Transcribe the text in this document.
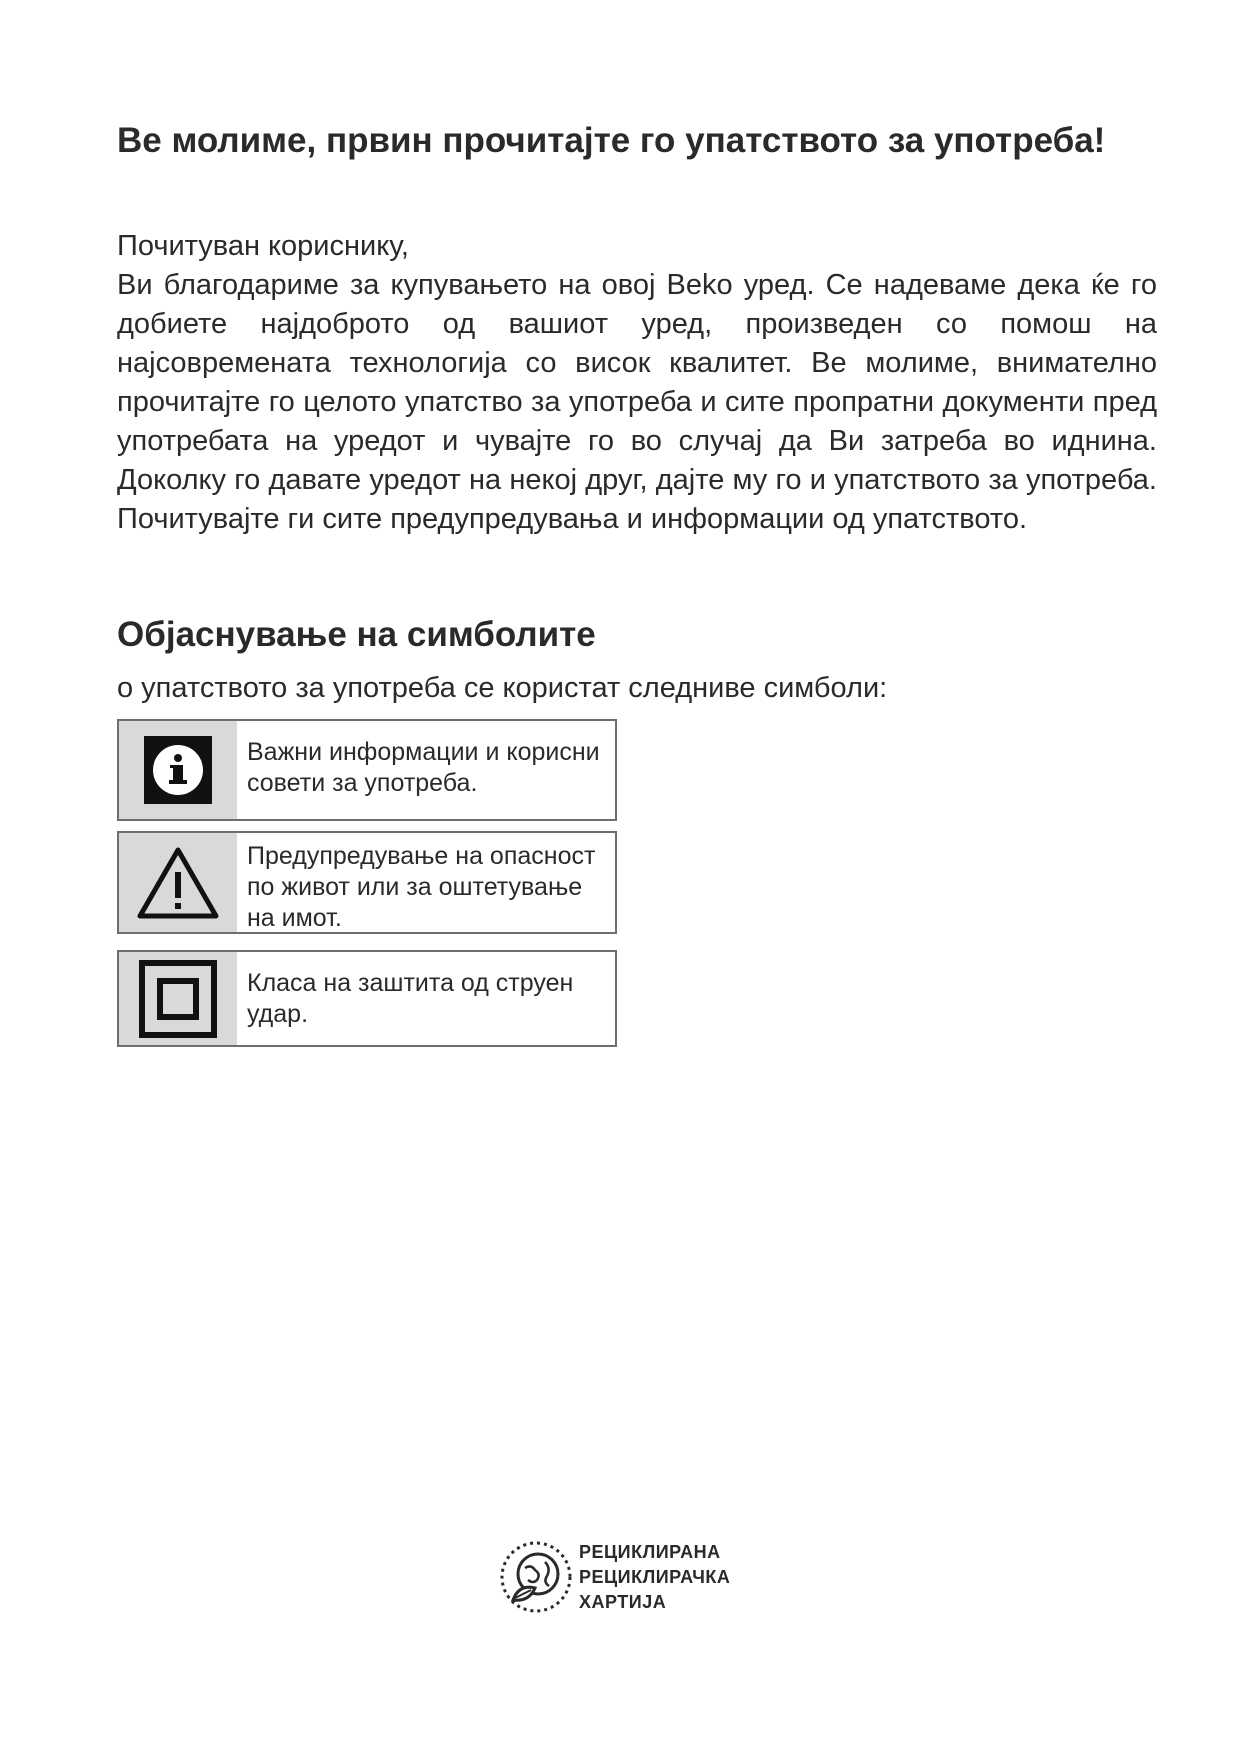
Ве молиме, првин прочитајте го упатството за употреба!

Почитуван кориснику,

Ви благодариме за купувањето на овој Beko уред. Се надеваме дека ќе го добиете најдоброто од вашиот уред, произведен со помош на најсовремената технологија со висок квалитет. Ве молиме, внимателно прочитајте го целото упатство за употреба и сите пропратни документи пред употребата на уредот и чувајте го во случај да Ви затреба во иднина. Доколку го давате уредот на некој друг, дајте му го и упатството за употреба. Почитувајте ги сите предупредувања и информации од упатството.

Објаснување на симболите

о упатството за употреба се користат следниве симболи:

Важни информации и корисни совети за употреба.
Предупредување на опасност по живот или за оштетување на имот.
Класа на заштита од струен удар.
РЕЦИКЛИРАНА
РЕЦИКЛИРАЧКА
ХАРТИЈА
